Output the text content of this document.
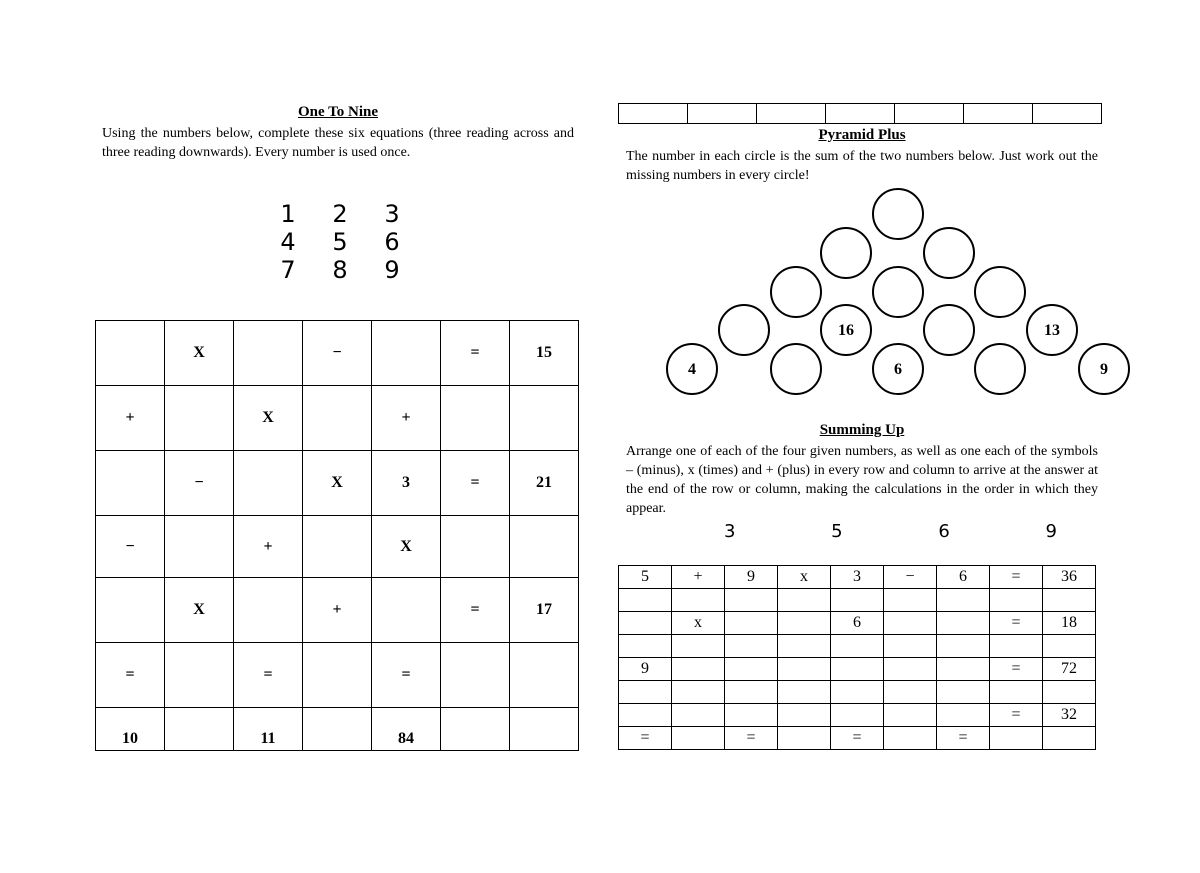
One To Nine
Using the numbers below, complete these six equations (three reading across and three reading downwards). Every number is used once.
1 2 3
4 5 6
7 8 9
	X		−		=	15
+		X		+		
	−		X	3	=	21
−		+		X		
	X		+		=	17
=		=		=		
10		11		84		

Pyramid Plus
The number in each circle is the sum of the two numbers below. Just work out the missing numbers in every circle!
16	13
4	6	9
Summing Up
Arrange one of each of the four given numbers, as well as one each of the symbols – (minus), x (times) and + (plus) in every row and column to arrive at the answer at the end of the row or column, making the calculations in the order in which they appear.
3	5	6	9
5	+	9	x	3	−	6	=	36

	x			6			=	18

9							=	72

							=	32
=		=		=		=		
